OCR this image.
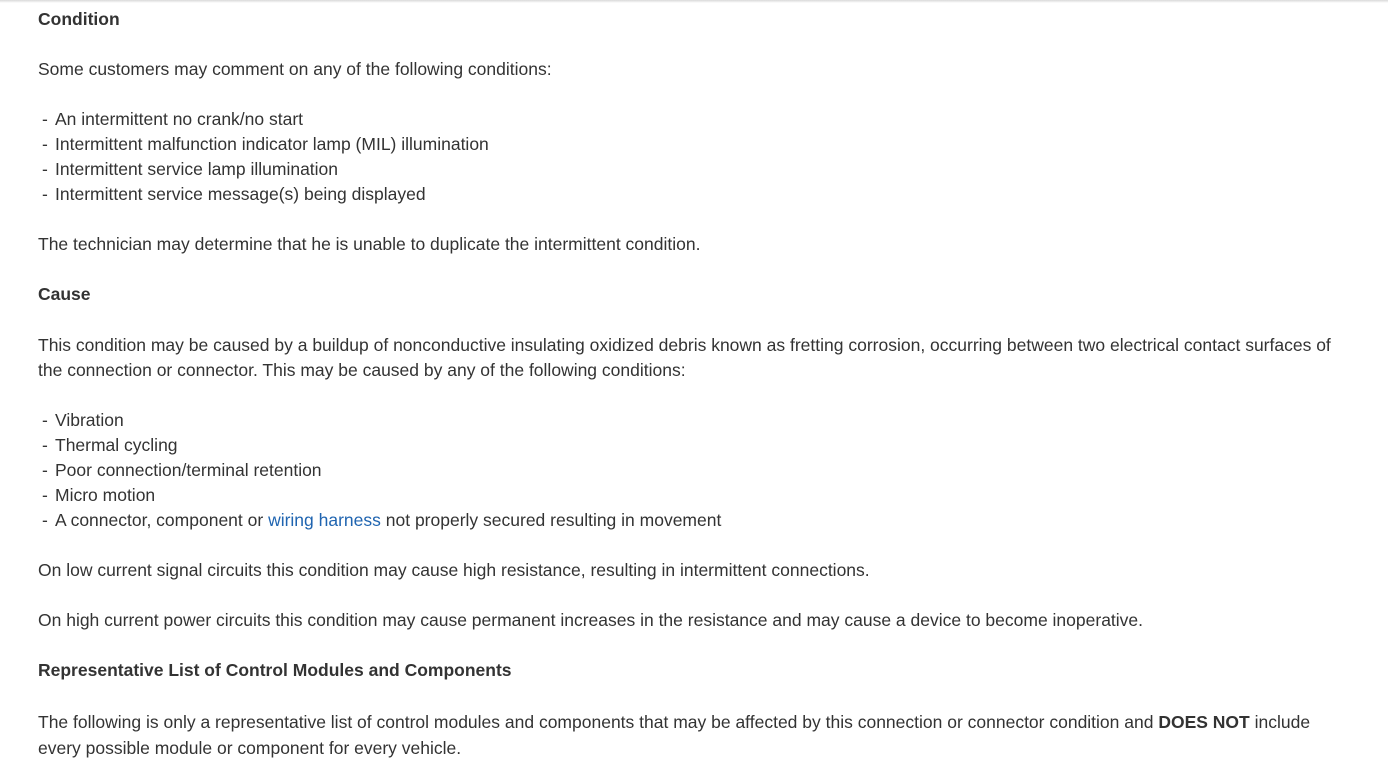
Condition

Some customers may comment on any of the following conditions:

- An intermittent no crank/no start
- Intermittent malfunction indicator lamp (MIL) illumination
- Intermittent service lamp illumination
- Intermittent service message(s) being displayed

The technician may determine that he is unable to duplicate the intermittent condition.

Cause

This condition may be caused by a buildup of nonconductive insulating oxidized debris known as fretting corrosion, occurring between two electrical contact surfaces of the connection or connector. This may be caused by any of the following conditions:

- Vibration
- Thermal cycling
- Poor connection/terminal retention
- Micro motion
- A connector, component or wiring harness not properly secured resulting in movement

On low current signal circuits this condition may cause high resistance, resulting in intermittent connections.

On high current power circuits this condition may cause permanent increases in the resistance and may cause a device to become inoperative.

Representative List of Control Modules and Components

The following is only a representative list of control modules and components that may be affected by this connection or connector condition and DOES NOT include every possible module or component for every vehicle.
